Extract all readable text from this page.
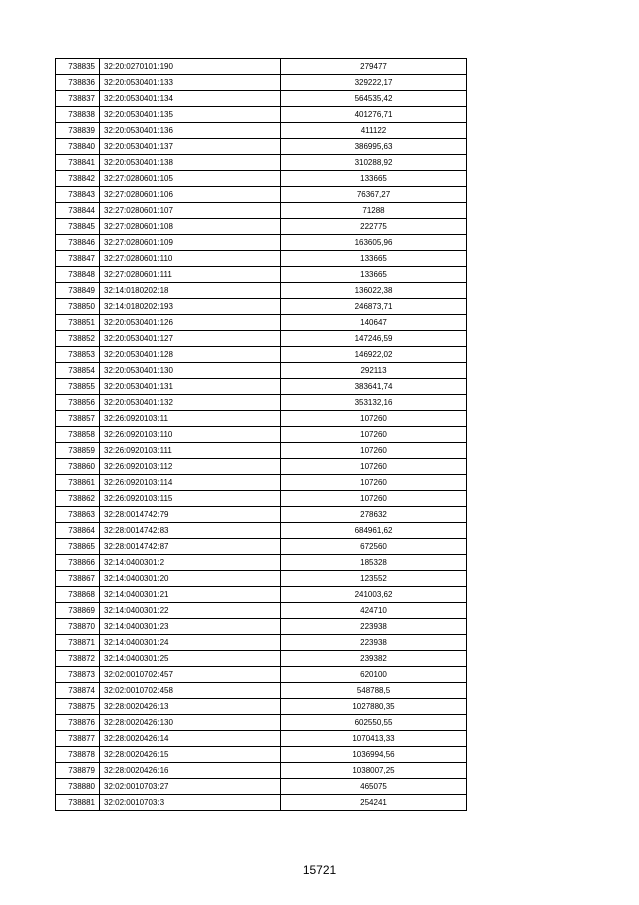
738835	32:20:0270101:190	279477
738836	32:20:0530401:133	329222,17
738837	32:20:0530401:134	564535,42
738838	32:20:0530401:135	401276,71
738839	32:20:0530401:136	411122
738840	32:20:0530401:137	386995,63
738841	32:20:0530401:138	310288,92
738842	32:27:0280601:105	133665
738843	32:27:0280601:106	76367,27
738844	32:27:0280601:107	71288
738845	32:27:0280601:108	222775
738846	32:27:0280601:109	163605,96
738847	32:27:0280601:110	133665
738848	32:27:0280601:111	133665
738849	32:14:0180202:18	136022,38
738850	32:14:0180202:193	246873,71
738851	32:20:0530401:126	140647
738852	32:20:0530401:127	147246,59
738853	32:20:0530401:128	146922,02
738854	32:20:0530401:130	292113
738855	32:20:0530401:131	383641,74
738856	32:20:0530401:132	353132,16
738857	32:26:0920103:11	107260
738858	32:26:0920103:110	107260
738859	32:26:0920103:111	107260
738860	32:26:0920103:112	107260
738861	32:26:0920103:114	107260
738862	32:26:0920103:115	107260
738863	32:28:0014742:79	278632
738864	32:28:0014742:83	684961,62
738865	32:28:0014742:87	672560
738866	32:14:0400301:2	185328
738867	32:14:0400301:20	123552
738868	32:14:0400301:21	241003,62
738869	32:14:0400301:22	424710
738870	32:14:0400301:23	223938
738871	32:14:0400301:24	223938
738872	32:14:0400301:25	239382
738873	32:02:0010702:457	620100
738874	32:02:0010702:458	548788,5
738875	32:28:0020426:13	1027880,35
738876	32:28:0020426:130	602550,55
738877	32:28:0020426:14	1070413,33
738878	32:28:0020426:15	1036994,56
738879	32:28:0020426:16	1038007,25
738880	32:02:0010703:27	465075
738881	32:02:0010703:3	254241
15721
